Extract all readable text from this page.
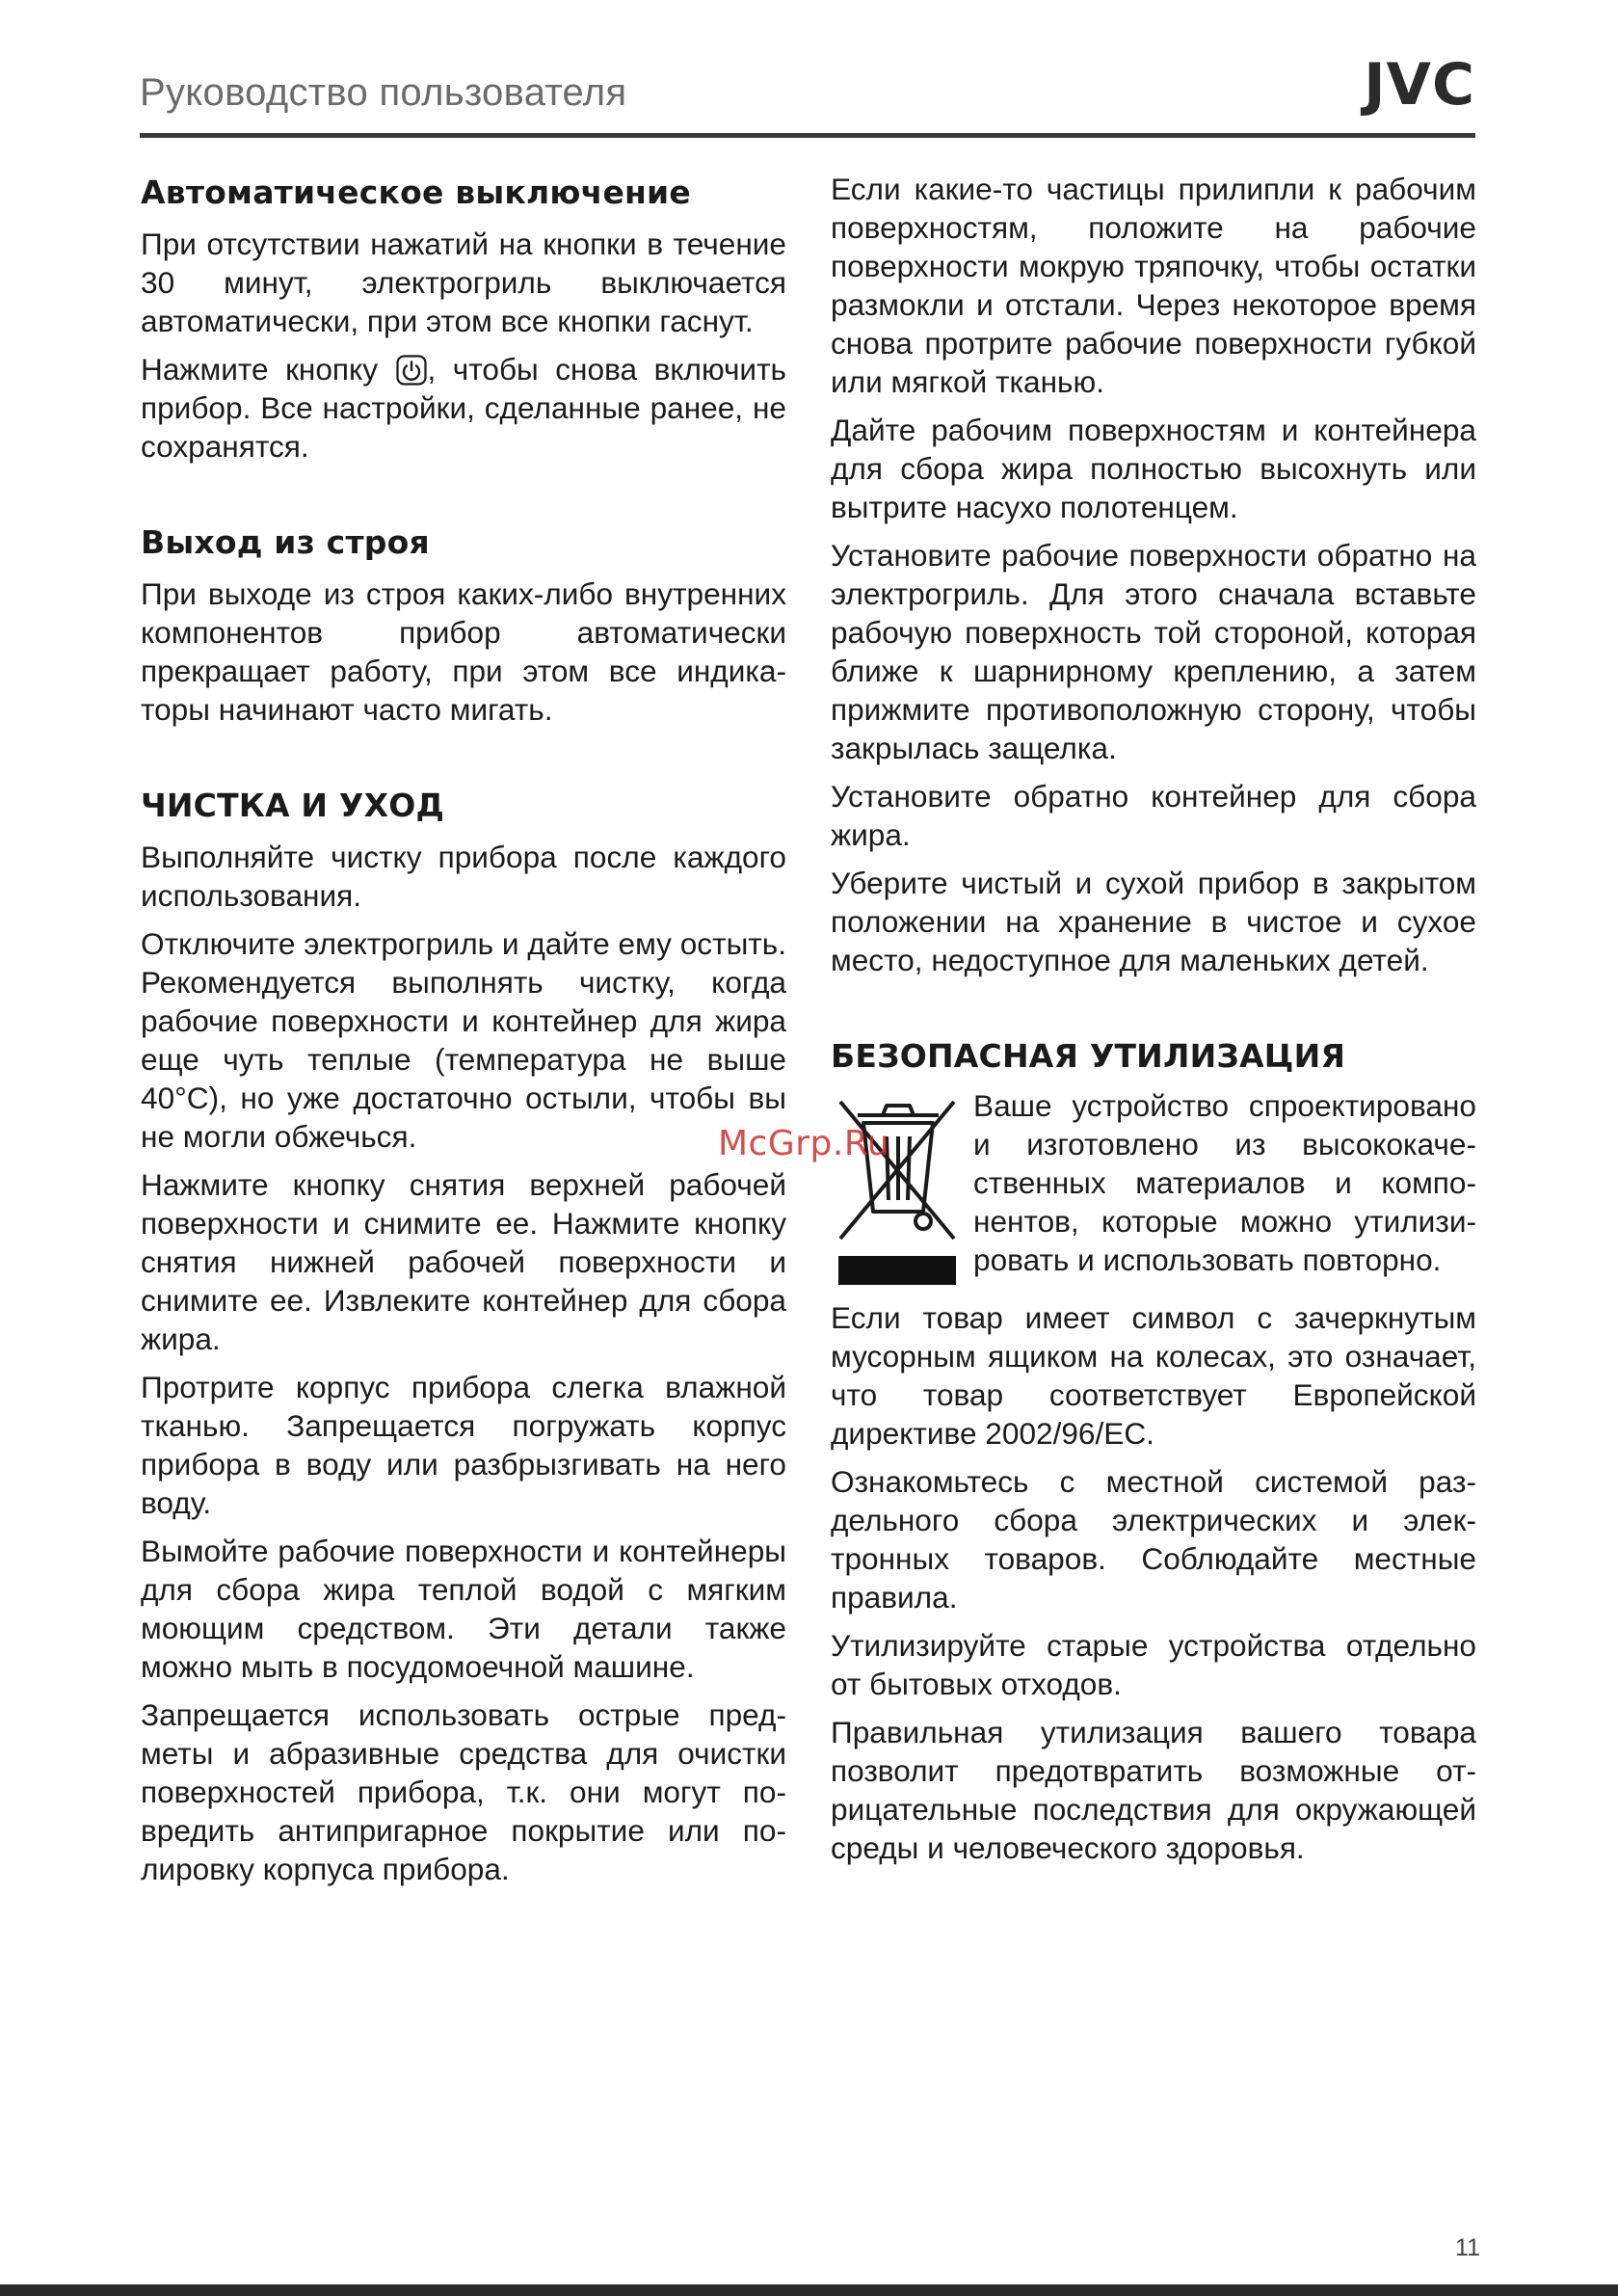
Руководство пользователя	JVC
Автоматическое выключение

При отсутствии нажатий на кнопки в течение 30 минут, электрогриль выключается автоматически, при этом все кнопки гаснут.

Нажмите кнопку , чтобы снова включить прибор. Все настройки, сделанные ранее, не сохранятся.

Выход из строя

При выходе из строя каких-либо внутренних компонентов прибор автоматически прекращает работу, при этом все индикаторы начинают часто мигать.

ЧИСТКА И УХОД

Выполняйте чистку прибора после каждого использования.

Отключите электрогриль и дайте ему остыть. Рекомендуется выполнять чистку, когда рабочие поверхности и контейнер для жира еще чуть теплые (температура не выше 40°C), но уже достаточно остыли, чтобы вы не могли обжечься.

Нажмите кнопку снятия верхней рабочей поверхности и снимите ее. Нажмите кнопку снятия нижней рабочей поверхности и снимите ее. Извлеките контейнер для сбора жира.

Протрите корпус прибора слегка влажной тканью. Запрещается погружать корпус прибора в воду или разбрызгивать на него воду.

Вымойте рабочие поверхности и контейнеры для сбора жира теплой водой с мягким моющим средством. Эти детали также можно мыть в посудомоечной машине.

Запрещается использовать острые предметы и абразивные средства для очистки поверхностей прибора, т.к. они могут повредить антипригарное покрытие или полировку корпуса прибора.

Если какие-то частицы прилипли к рабочим поверхностям, положите на рабочие поверхности мокрую тряпочку, чтобы остатки размокли и отстали. Через некоторое время снова протрите рабочие поверхности губкой или мягкой тканью.

Дайте рабочим поверхностям и контейнера для сбора жира полностью высохнуть или вытрите насухо полотенцем.

Установите рабочие поверхности обратно на электрогриль. Для этого сначала вставьте рабочую поверхность той стороной, которая ближе к шарнирному креплению, а затем прижмите противоположную сторону, чтобы закрылась защелка.

Установите обратно контейнер для сбора жира.

Уберите чистый и сухой прибор в закрытом положении на хранение в чистое и сухое место, недоступное для маленьких детей.

БЕЗОПАСНАЯ УТИЛИЗАЦИЯ

Ваше устройство спроектировано и изготовлено из высококачественных материалов и компонентов, которые можно утилизировать и использовать повторно.

Если товар имеет символ с зачеркнутым мусорным ящиком на колесах, это означает, что товар соответствует Европейской директиве 2002/96/EC.

Ознакомьтесь с местной системой раздельного сбора электрических и электронных товаров. Соблюдайте местные правила.

Утилизируйте старые устройства отдельно от бытовых отходов.

Правильная утилизация вашего товара позволит предотвратить возможные отрицательные последствия для окружающей среды и человеческого здоровья.

McGrp.Ru
11
